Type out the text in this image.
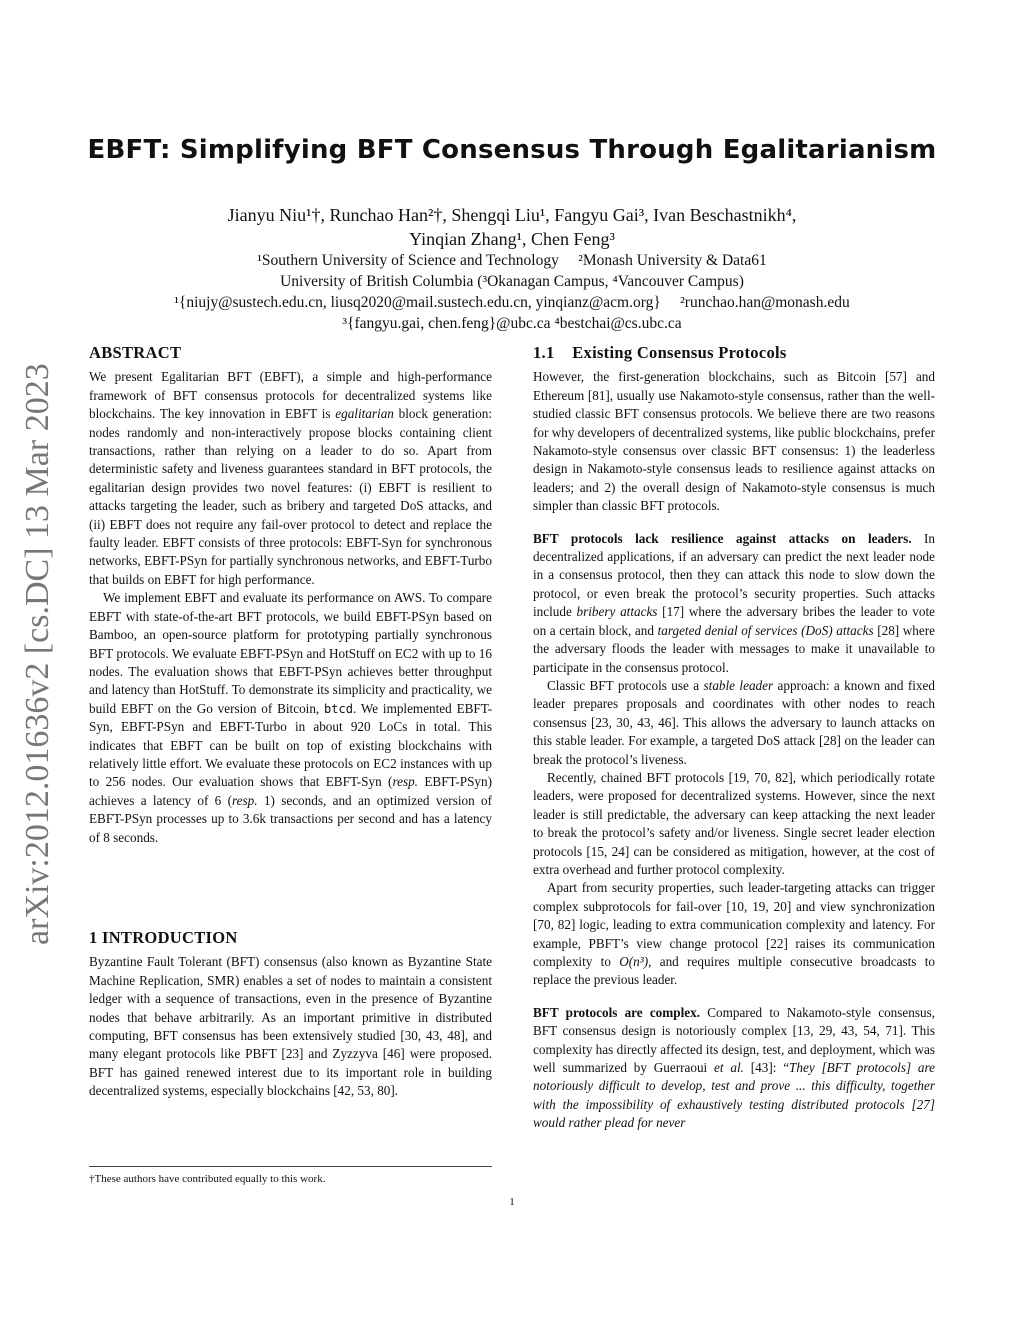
EBFT: Simplifying BFT Consensus Through Egalitarianism
Jianyu Niu¹†, Runchao Han²†, Shengqi Liu¹, Fangyu Gai³, Ivan Beschastnikh⁴,
Yinqian Zhang¹, Chen Feng³
¹Southern University of Science and Technology     ²Monash University & Data61
University of British Columbia (³Okanagan Campus, ⁴Vancouver Campus)
¹{niujy@sustech.edu.cn, liusq2020@mail.sustech.edu.cn, yinqianz@acm.org}     ²runchao.han@monash.edu
³{fangyu.gai, chen.feng}@ubc.ca ⁴bestchai@cs.ubc.ca
arXiv:2012.01636v2 [cs.DC] 13 Mar 2023
ABSTRACT

We present Egalitarian BFT (EBFT), a simple and high-performance framework of BFT consensus protocols for decentralized systems like blockchains. The key innovation in EBFT is egalitarian block generation: nodes randomly and non-interactively propose blocks containing client transactions, rather than relying on a leader to do so. Apart from deterministic safety and liveness guarantees standard in BFT protocols, the egalitarian design provides two novel features: (i) EBFT is resilient to attacks targeting the leader, such as bribery and targeted DoS attacks, and (ii) EBFT does not require any fail-over protocol to detect and replace the faulty leader. EBFT consists of three protocols: EBFT-Syn for synchronous networks, EBFT-PSyn for partially synchronous networks, and EBFT-Turbo that builds on EBFT for high performance.

We implement EBFT and evaluate its performance on AWS. To compare EBFT with state-of-the-art BFT protocols, we build EBFT-PSyn based on Bamboo, an open-source platform for prototyping partially synchronous BFT protocols. We evaluate EBFT-PSyn and HotStuff on EC2 with up to 16 nodes. The evaluation shows that EBFT-PSyn achieves better throughput and latency than HotStuff. To demonstrate its simplicity and practicality, we build EBFT on the Go version of Bitcoin, btcd. We implemented EBFT-Syn, EBFT-PSyn and EBFT-Turbo in about 920 LoCs in total. This indicates that EBFT can be built on top of existing blockchains with relatively little effort. We evaluate these protocols on EC2 instances with up to 256 nodes. Our evaluation shows that EBFT-Syn (resp. EBFT-PSyn) achieves a latency of 6 (resp. 1) seconds, and an optimized version of EBFT-PSyn processes up to 3.6k transactions per second and has a latency of 8 seconds.

1 INTRODUCTION

Byzantine Fault Tolerant (BFT) consensus (also known as Byzantine State Machine Replication, SMR) enables a set of nodes to maintain a consistent ledger with a sequence of transactions, even in the presence of Byzantine nodes that behave arbitrarily. As an important primitive in distributed computing, BFT consensus has been extensively studied [30, 43, 48], and many elegant protocols like PBFT [23] and Zyzzyva [46] were proposed. BFT has gained renewed interest due to its important role in building decentralized systems, especially blockchains [42, 53, 80].

†These authors have contributed equally to this work.
1
1.1    Existing Consensus Protocols

However, the first-generation blockchains, such as Bitcoin [57] and Ethereum [81], usually use Nakamoto-style consensus, rather than the well-studied classic BFT consensus protocols. We believe there are two reasons for why developers of decentralized systems, like public blockchains, prefer Nakamoto-style consensus over classic BFT consensus: 1) the leaderless design in Nakamoto-style consensus leads to resilience against attacks on leaders; and 2) the overall design of Nakamoto-style consensus is much simpler than classic BFT protocols.

BFT protocols lack resilience against attacks on leaders. In decentralized applications, if an adversary can predict the next leader node in a consensus protocol, then they can attack this node to slow down the protocol, or even break the protocol’s security properties. Such attacks include bribery attacks [17] where the adversary bribes the leader to vote on a certain block, and targeted denial of services (DoS) attacks [28] where the adversary floods the leader with messages to make it unavailable to participate in the consensus protocol.

Classic BFT protocols use a stable leader approach: a known and fixed leader prepares proposals and coordinates with other nodes to reach consensus [23, 30, 43, 46]. This allows the adversary to launch attacks on this stable leader. For example, a targeted DoS attack [28] on the leader can break the protocol’s liveness.

Recently, chained BFT protocols [19, 70, 82], which periodically rotate leaders, were proposed for decentralized systems. However, since the next leader is still predictable, the adversary can keep attacking the next leader to break the protocol’s safety and/or liveness. Single secret leader election protocols [15, 24] can be considered as mitigation, however, at the cost of extra overhead and further protocol complexity.

Apart from security properties, such leader-targeting attacks can trigger complex subprotocols for fail-over [10, 19, 20] and view synchronization [70, 82] logic, leading to extra communication complexity and latency. For example, PBFT’s view change protocol [22] raises its communication complexity to O(n³), and requires multiple consecutive broadcasts to replace the previous leader.

BFT protocols are complex. Compared to Nakamoto-style consensus, BFT consensus design is notoriously complex [13, 29, 43, 54, 71]. This complexity has directly affected its design, test, and deployment, which was well summarized by Guerraoui et al. [43]: “They [BFT protocols] are notoriously difficult to develop, test and prove ... this difficulty, together with the impossibility of exhaustively testing distributed protocols [27] would rather plead for never
